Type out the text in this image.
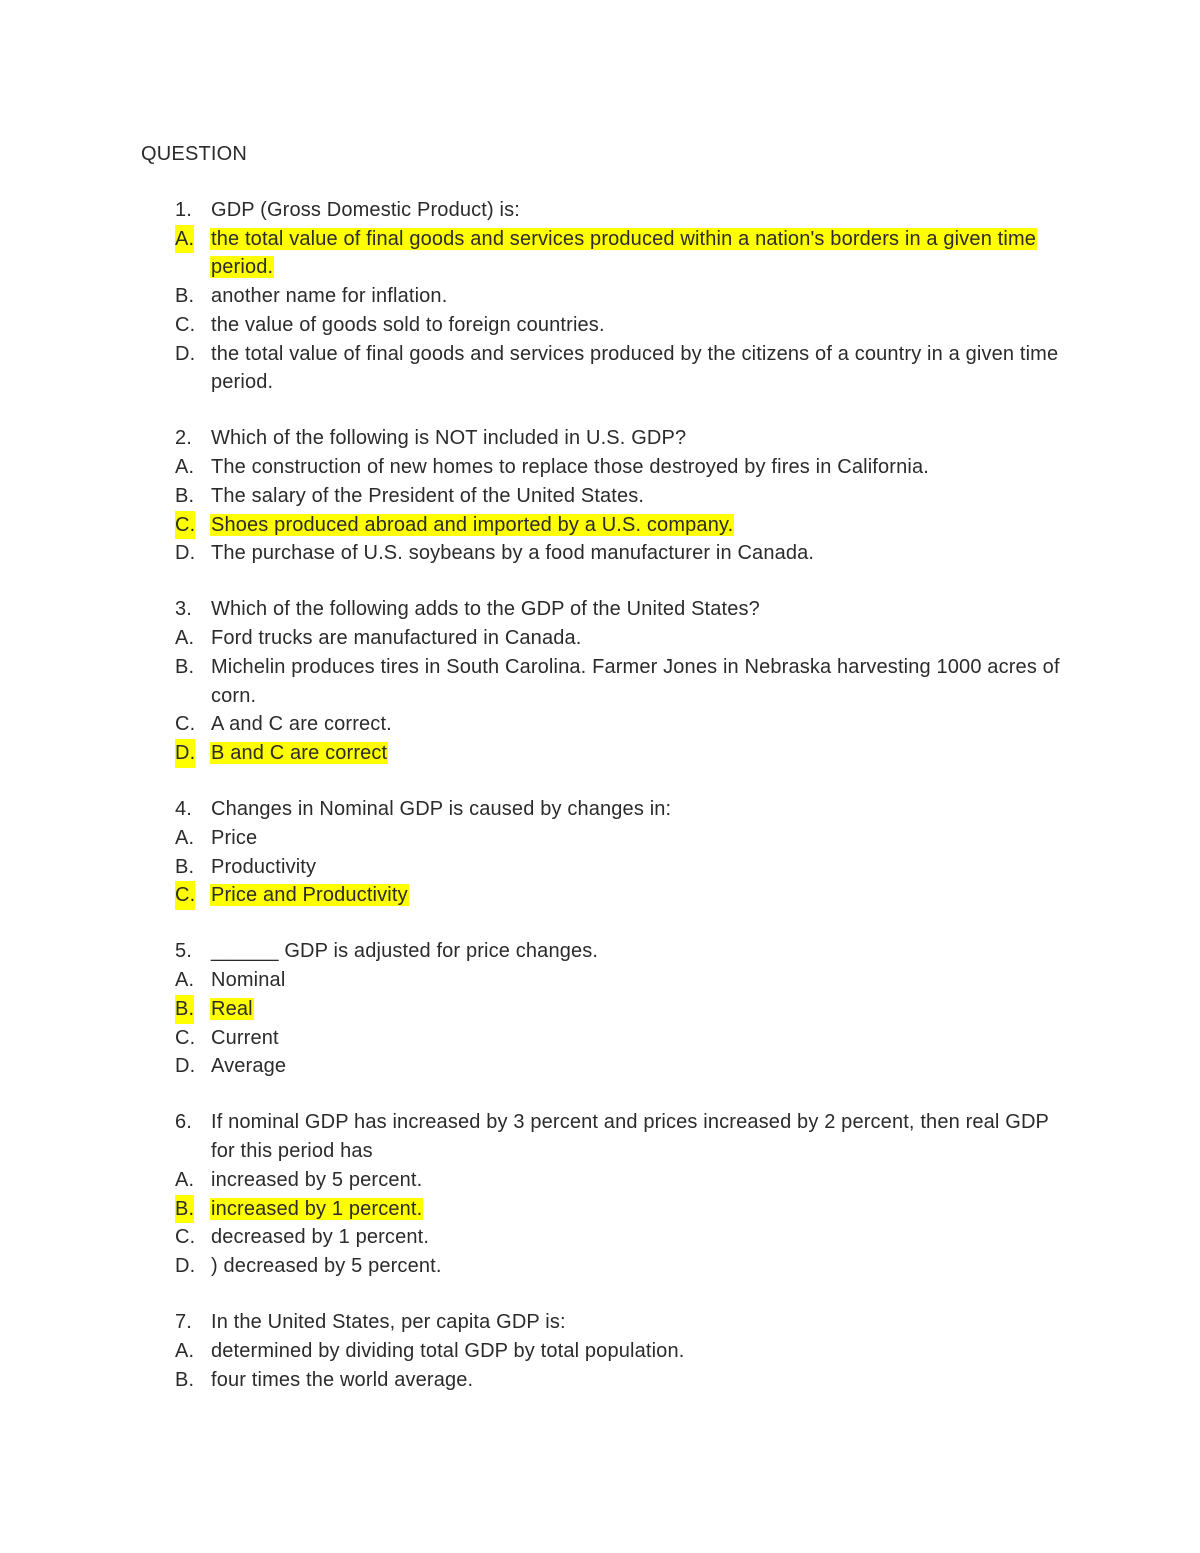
QUESTION
1. GDP (Gross Domestic Product) is:
A. the total value of final goods and services produced within a nation's borders in a given time period.
B. another name for inflation.
C. the value of goods sold to foreign countries.
D. the total value of final goods and services produced by the citizens of a country in a given time period.
2. Which of the following is NOT included in U.S. GDP?
A. The construction of new homes to replace those destroyed by fires in California.
B. The salary of the President of the United States.
C. Shoes produced abroad and imported by a U.S. company.
D. The purchase of U.S. soybeans by a food manufacturer in Canada.
3. Which of the following adds to the GDP of the United States?
A. Ford trucks are manufactured in Canada.
B. Michelin produces tires in South Carolina. Farmer Jones in Nebraska harvesting 1000 acres of corn.
C. A and C are correct.
D. B and C are correct
4. Changes in Nominal GDP is caused by changes in:
A. Price
B. Productivity
C. Price and Productivity
5. ______ GDP is adjusted for price changes.
A. Nominal
B. Real
C. Current
D. Average
6. If nominal GDP has increased by 3 percent and prices increased by 2 percent, then real GDP for this period has
A. increased by 5 percent.
B. increased by 1 percent.
C. decreased by 1 percent.
D. ) decreased by 5 percent.
7. In the United States, per capita GDP is:
A. determined by dividing total GDP by total population.
B. four times the world average.
